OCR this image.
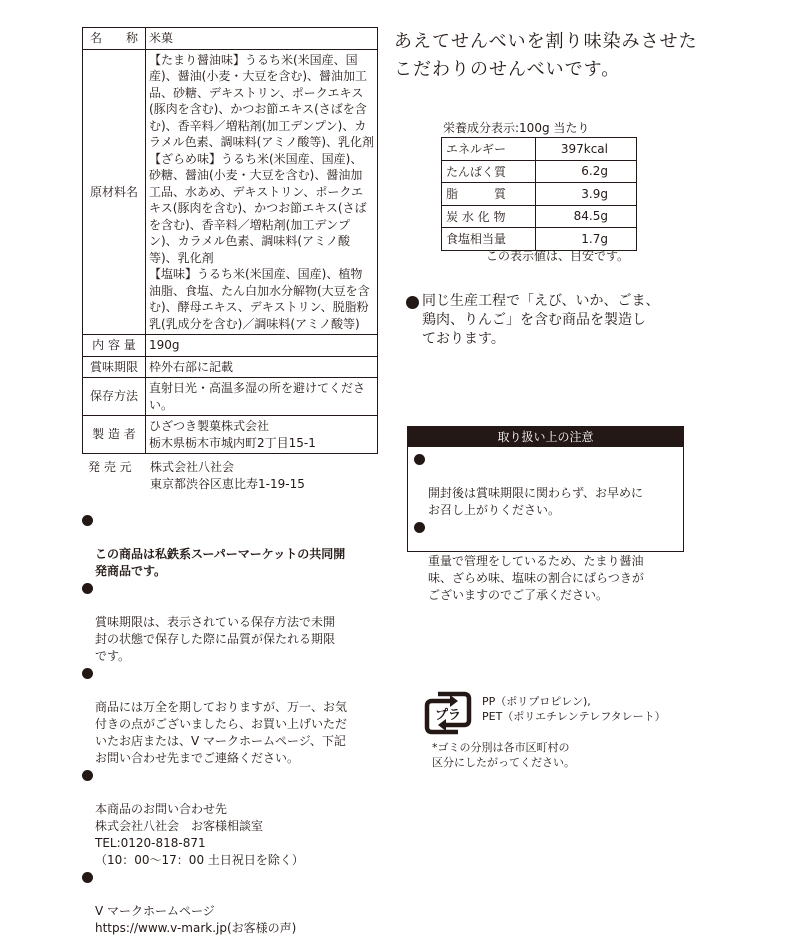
名　　称	米菓
原材料名	【たまり醤油味】うるち米(米国産、国産)、醤油(小麦・大豆を含む)、醤油加工品、砂糖、デキストリン、ポークエキス(豚肉を含む)、かつお節エキス(さばを含む)、香辛料／増粘剤(加工デンプン)、カラメル色素、調味料(アミノ酸等)、乳化剤
【ざらめ味】うるち米(米国産、国産)、砂糖、醤油(小麦・大豆を含む)、醤油加工品、水あめ、デキストリン、ポークエキス(豚肉を含む)、かつお節エキス(さばを含む)、香辛料／増粘剤(加工デンプン)、カラメル色素、調味料(アミノ酸等)、乳化剤
【塩味】うるち米(米国産、国産)、植物油脂、食塩、たん白加水分解物(大豆を含む)、酵母エキス、デキストリン、脱脂粉乳(乳成分を含む)／調味料(アミノ酸等)
内 容 量	190g
賞味期限	枠外右部に記載
保存方法	直射日光・高温多湿の所を避けてください。
製 造 者	ひざつき製菓株式会社
栃木県栃木市城内町2丁目15-1
発 売 元	株式会社八社会
東京都渋谷区恵比寿1-19-15

この商品は私鉄系スーパーマーケットの共同開
発商品です。

賞味期限は、表示されている保存方法で未開
封の状態で保存した際に品質が保たれる期限
です。

商品には万全を期しておりますが、万一、お気
付きの点がございましたら、お買い上げいただ
いたお店または、V マークホームページ、下記
お問い合わせ先までご連絡ください。

本商品のお問い合わせ先
株式会社八社会　お客様相談室
TEL:0120-818-871
（10：00～17：00 土日祝日を除く）

V マークホームページ
https://www.v-mark.jp(お客様の声)

あえてせんべいを割り味染みさせた
こだわりのせんべいです。
栄養成分表示:100g 当たり
エネルギー	397kcal
たんぱく質	6.2g
脂　　　質	3.9g
炭 水 化 物	84.5g
食塩相当量	1.7g
この表示値は、目安です。
同じ生産工程で「えび、いか、ごま、
鶏肉、りんご」を含む商品を製造し
ております。
取り扱い上の注意

開封後は賞味期限に関わらず、お早めに
お召し上がりください。

重量で管理をしているため、たまり醤油
味、ざらめ味、塩味の割合にばらつきが
ございますのでご了承ください。

プラ
PP（ポリプロピレン),
PET（ポリエチレンテレフタレート）
*ゴミの分別は各市区町村の
区分にしたがってください。
